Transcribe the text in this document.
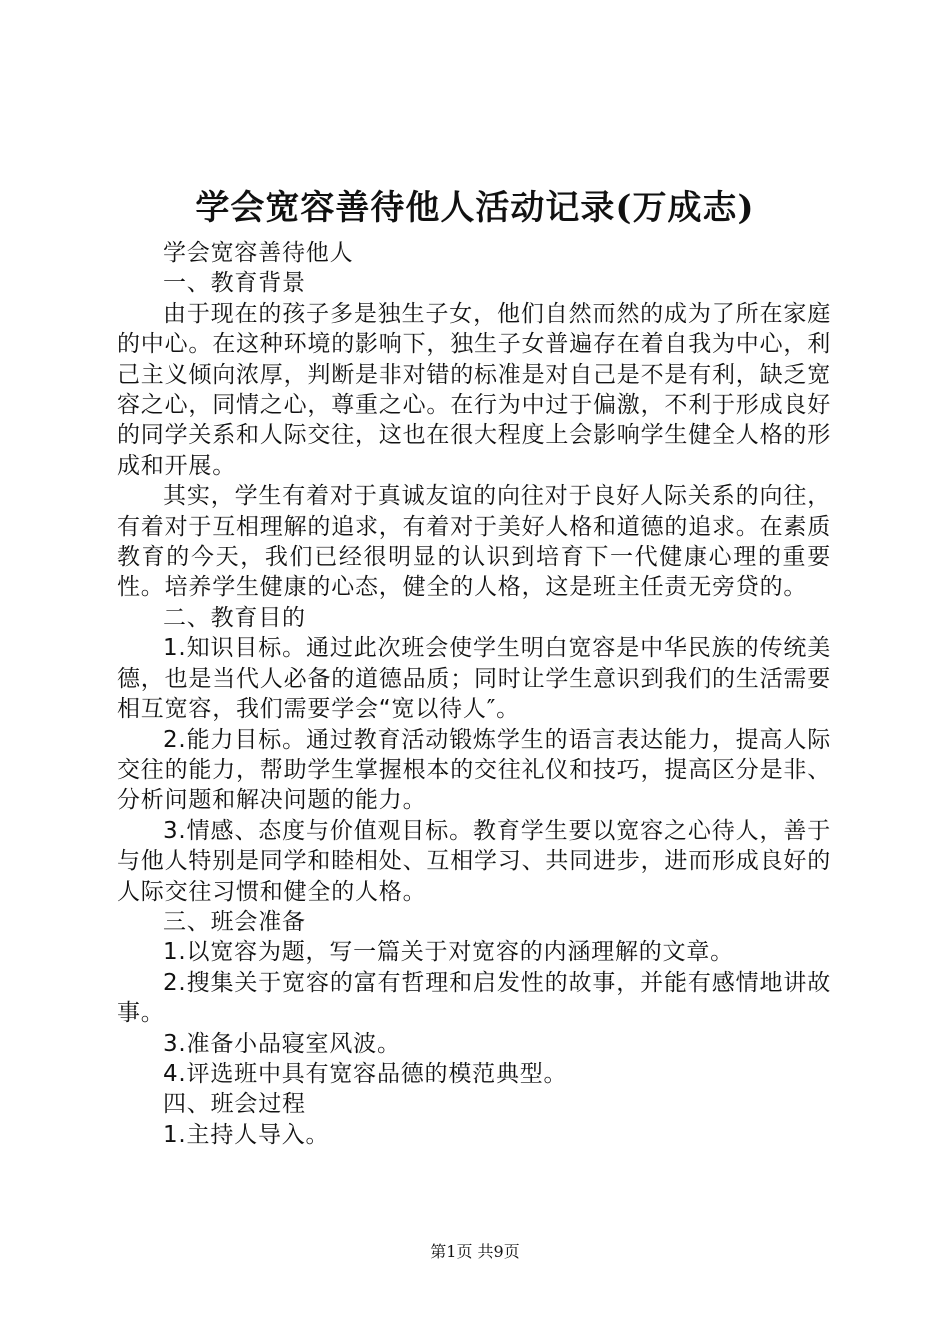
学会宽容善待他人活动记录(万成志)

学会宽容善待他人

一、教育背景

由于现在的孩子多是独生子女，他们自然而然的成为了所在家庭的中心。在这种环境的影响下，独生子女普遍存在着自我为中心，利己主义倾向浓厚，判断是非对错的标准是对自己是不是有利，缺乏宽容之心，同情之心，尊重之心。在行为中过于偏激，不利于形成良好的同学关系和人际交往，这也在很大程度上会影响学生健全人格的形成和开展。

其实，学生有着对于真诚友谊的向往对于良好人际关系的向往，有着对于互相理解的追求，有着对于美好人格和道德的追求。在素质教育的今天，我们已经很明显的认识到培育下一代健康心理的重要性。培养学生健康的心态，健全的人格，这是班主任责无旁贷的。

二、教育目的

1.知识目标。通过此次班会使学生明白宽容是中华民族的传统美德，也是当代人必备的道德品质；同时让学生意识到我们的生活需要相互宽容，我们需要学会“宽以待人″。

2.能力目标。通过教育活动锻炼学生的语言表达能力，提高人际交往的能力，帮助学生掌握根本的交往礼仪和技巧，提高区分是非、分析问题和解决问题的能力。

3.情感、态度与价值观目标。教育学生要以宽容之心待人，善于与他人特别是同学和睦相处、互相学习、共同进步，进而形成良好的人际交往习惯和健全的人格。

三、班会准备

1.以宽容为题，写一篇关于对宽容的内涵理解的文章。

2.搜集关于宽容的富有哲理和启发性的故事，并能有感情地讲故事。

3.准备小品寝室风波。

4.评选班中具有宽容品德的模范典型。

四、班会过程

1.主持人导入。

第1页 共9页
